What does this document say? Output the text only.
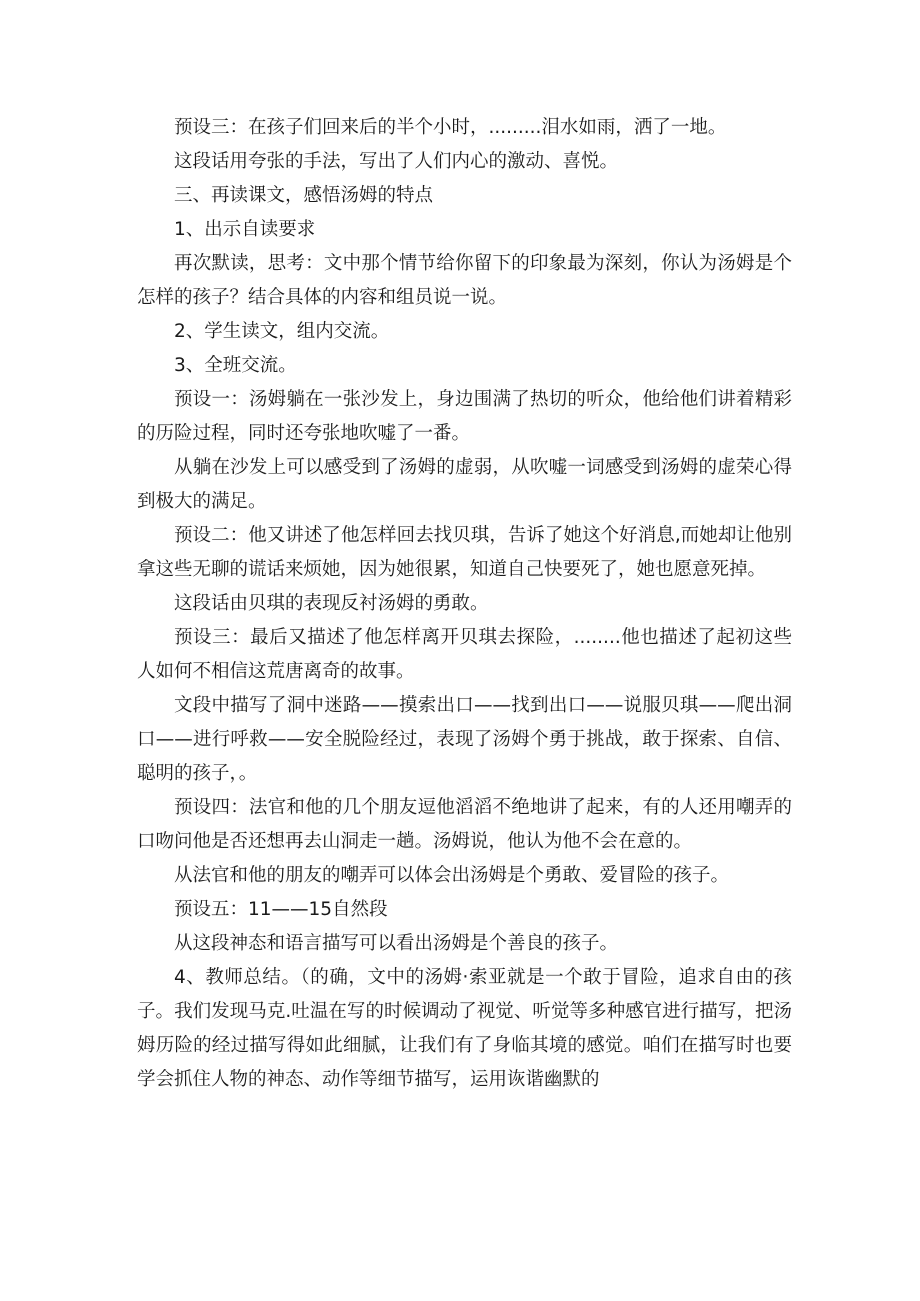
预设三：在孩子们回来后的半个小时，.........泪水如雨，洒了一地。

这段话用夸张的手法，写出了人们内心的激动、喜悦。

三、再读课文，感悟汤姆的特点

1、出示自读要求

再次默读，思考：文中那个情节给你留下的印象最为深刻，你认为汤姆是个怎样的孩子？结合具体的内容和组员说一说。

2、学生读文，组内交流。

3、全班交流。

预设一：汤姆躺在一张沙发上，身边围满了热切的听众，他给他们讲着精彩的历险过程，同时还夸张地吹嘘了一番。

从躺在沙发上可以感受到了汤姆的虚弱，从吹嘘一词感受到汤姆的虚荣心得到极大的满足。

预设二：他又讲述了他怎样回去找贝琪，告诉了她这个好消息,而她却让他别拿这些无聊的谎话来烦她，因为她很累，知道自己快要死了，她也愿意死掉。

这段话由贝琪的表现反衬汤姆的勇敢。

预设三：最后又描述了他怎样离开贝琪去探险，........他也描述了起初这些人如何不相信这荒唐离奇的故事。

文段中描写了洞中迷路——摸索出口——找到出口——说服贝琪——爬出洞口——进行呼救——安全脱险经过，表现了汤姆个勇于挑战，敢于探索、自信、聪明的孩子，。

预设四：法官和他的几个朋友逗他滔滔不绝地讲了起来，有的人还用嘲弄的口吻问他是否还想再去山洞走一趟。汤姆说，他认为他不会在意的。

从法官和他的朋友的嘲弄可以体会出汤姆是个勇敢、爱冒险的孩子。

预设五：11——15自然段

从这段神态和语言描写可以看出汤姆是个善良的孩子。

4、教师总结。（的确，文中的汤姆·索亚就是一个敢于冒险，追求自由的孩子。我们发现马克.吐温在写的时候调动了视觉、听觉等多种感官进行描写，把汤姆历险的经过描写得如此细腻，让我们有了身临其境的感觉。咱们在描写时也要学会抓住人物的神态、动作等细节描写，运用诙谐幽默的
